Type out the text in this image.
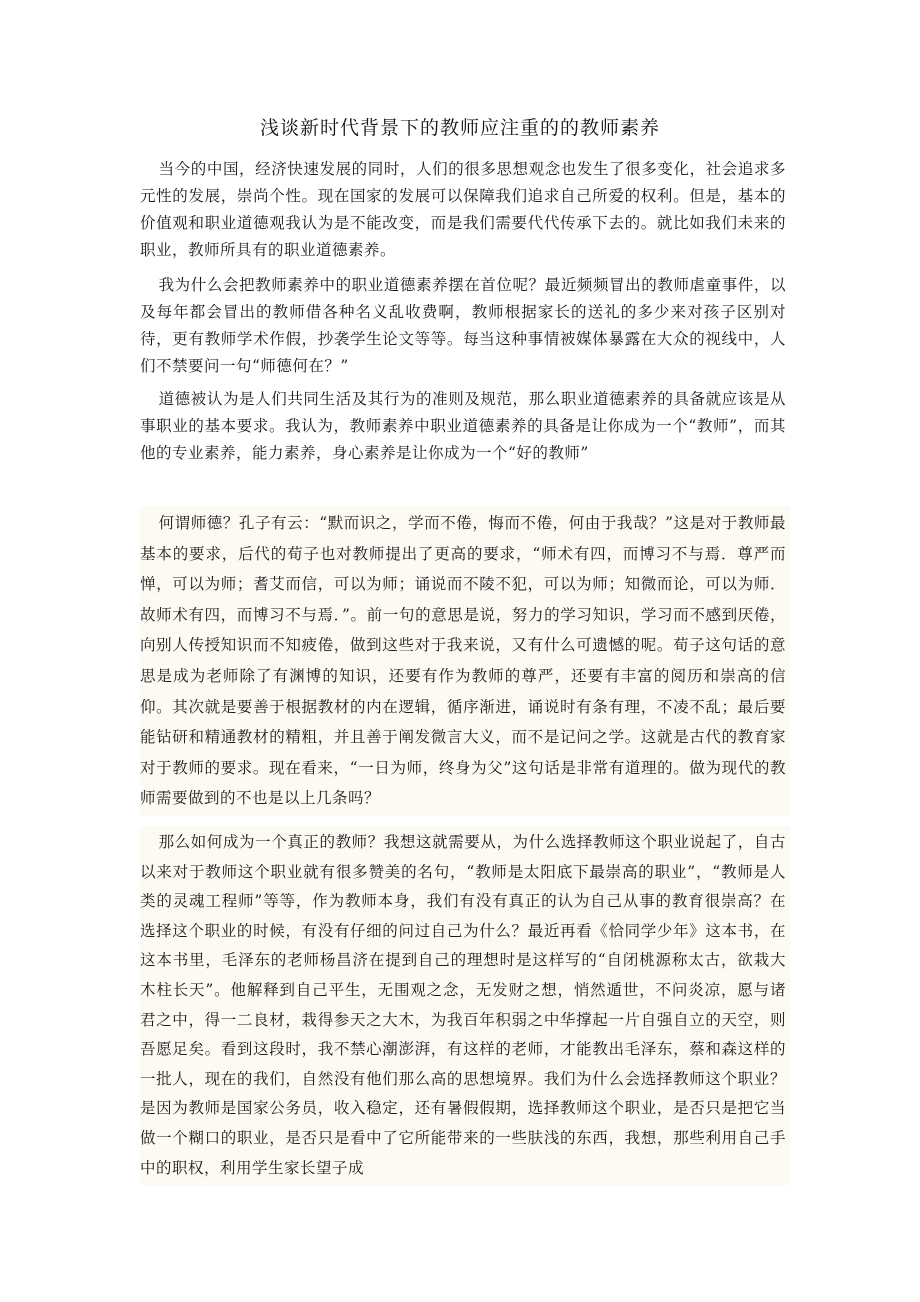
浅谈新时代背景下的教师应注重的的教师素养

当今的中国，经济快速发展的同时，人们的很多思想观念也发生了很多变化，社会追求多元性的发展，崇尚个性。现在国家的发展可以保障我们追求自己所爱的权利。但是，基本的价值观和职业道德观我认为是不能改变，而是我们需要代代传承下去的。就比如我们未来的职业，教师所具有的职业道德素养。

我为什么会把教师素养中的职业道德素养摆在首位呢？最近频频冒出的教师虐童事件，以及每年都会冒出的教师借各种名义乱收费啊，教师根据家长的送礼的多少来对孩子区别对待，更有教师学术作假，抄袭学生论文等等。每当这种事情被媒体暴露在大众的视线中，人们不禁要问一句“师德何在？”

道德被认为是人们共同生活及其行为的准则及规范，那么职业道德素养的具备就应该是从事职业的基本要求。我认为，教师素养中职业道德素养的具备是让你成为一个“教师”，而其他的专业素养，能力素养，身心素养是让你成为一个“好的教师”

何谓师德？孔子有云：“默而识之，学而不倦，悔而不倦，何由于我哉？”这是对于教师最基本的要求，后代的荀子也对教师提出了更高的要求，“师术有四，而博习不与焉．尊严而惮，可以为师；耆艾而信，可以为师；诵说而不陵不犯，可以为师；知微而论，可以为师．故师术有四，而博习不与焉．”。前一句的意思是说，努力的学习知识，学习而不感到厌倦，向别人传授知识而不知疲倦，做到这些对于我来说，又有什么可遗憾的呢。荀子这句话的意思是成为老师除了有渊博的知识，还要有作为教师的尊严，还要有丰富的阅历和崇高的信仰。其次就是要善于根据教材的内在逻辑，循序渐进，诵说时有条有理，不凌不乱；最后要能钻研和精通教材的精粗，并且善于阐发微言大义，而不是记问之学。这就是古代的教育家对于教师的要求。现在看来，“一日为师，终身为父”这句话是非常有道理的。做为现代的教师需要做到的不也是以上几条吗？

那么如何成为一个真正的教师？我想这就需要从，为什么选择教师这个职业说起了，自古以来对于教师这个职业就有很多赞美的名句，“教师是太阳底下最崇高的职业”，“教师是人类的灵魂工程师”等等，作为教师本身，我们有没有真正的认为自己从事的教育很崇高？在选择这个职业的时候，有没有仔细的问过自己为什么？最近再看《恰同学少年》这本书，在这本书里，毛泽东的老师杨昌济在提到自己的理想时是这样写的“自闭桃源称太古，欲栽大木柱长天”。他解释到自己平生，无围观之念，无发财之想，悄然遁世，不问炎凉，愿与诸君之中，得一二良材，栽得参天之大木，为我百年积弱之中华撑起一片自强自立的天空，则吾愿足矣。看到这段时，我不禁心潮澎湃，有这样的老师，才能教出毛泽东，蔡和森这样的一批人，现在的我们，自然没有他们那么高的思想境界。我们为什么会选择教师这个职业？是因为教师是国家公务员，收入稳定，还有暑假假期，选择教师这个职业，是否只是把它当做一个糊口的职业，是否只是看中了它所能带来的一些肤浅的东西，我想，那些利用自己手中的职权，利用学生家长望子成
